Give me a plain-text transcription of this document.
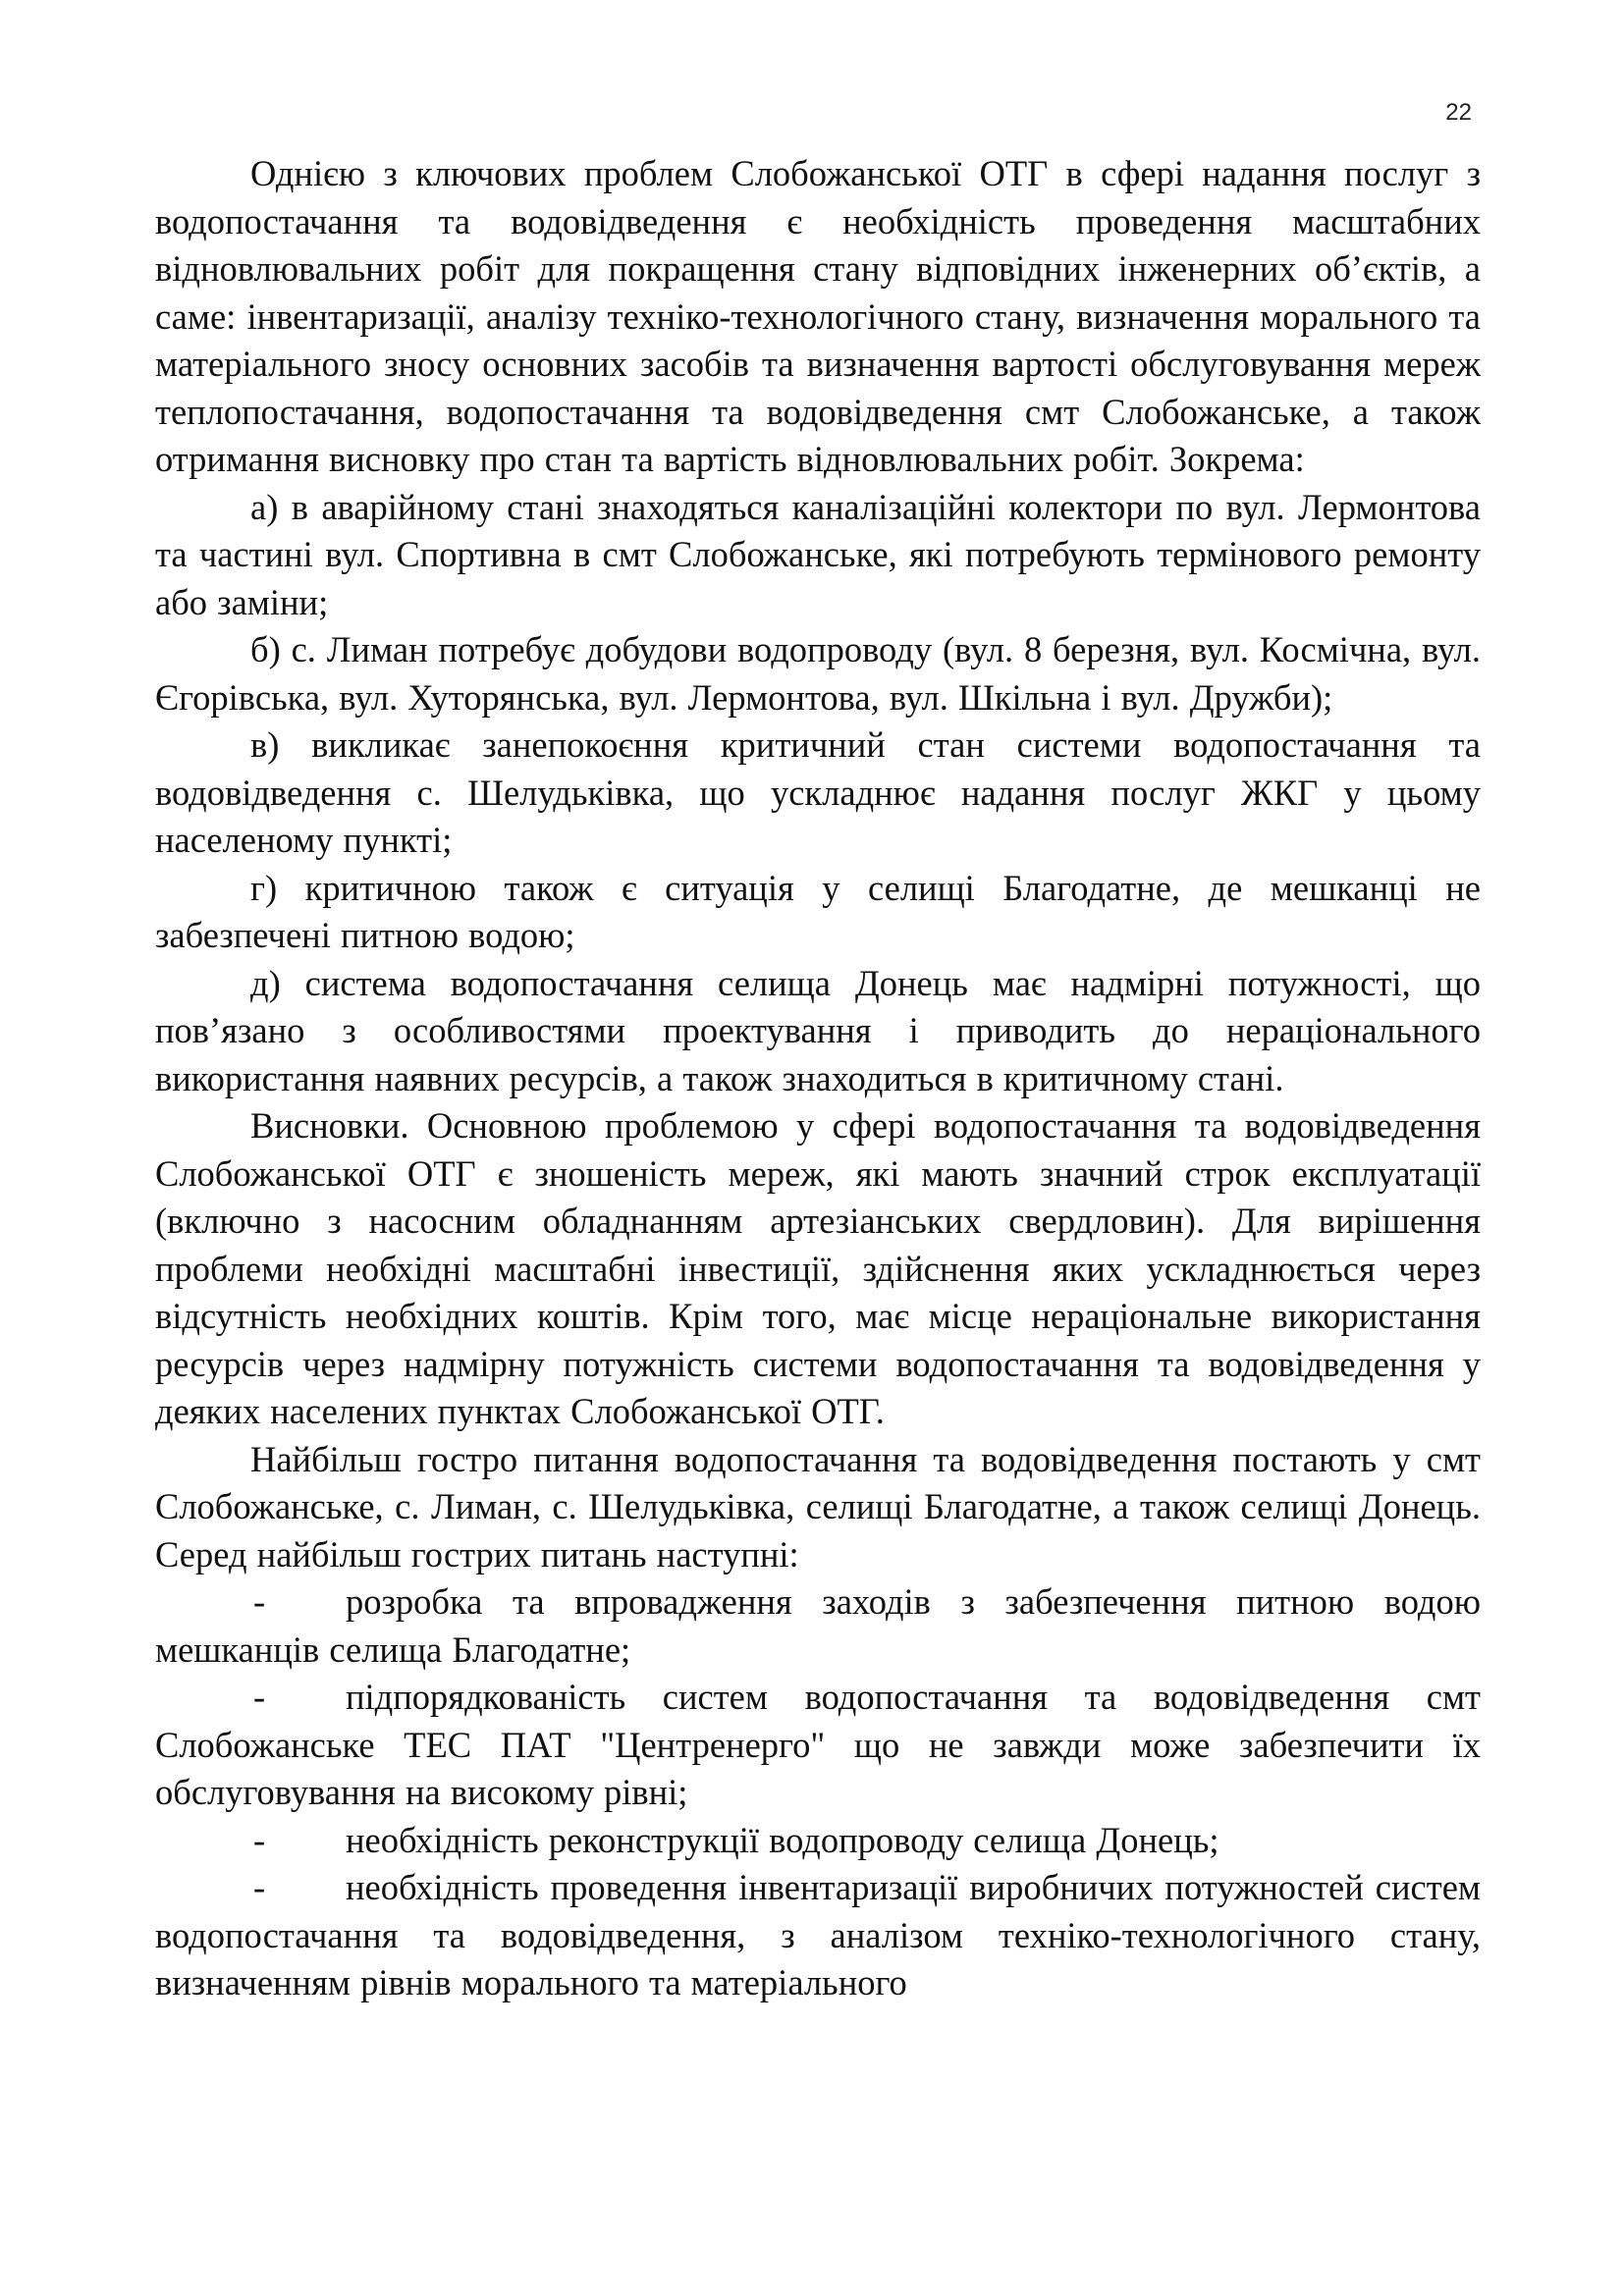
22

Однією з ключових проблем Слобожанської ОТГ в сфері надання послуг з водопостачання та водовідведення є необхідність проведення масштабних відновлювальних робіт для покращення стану відповідних інженерних об’єктів, а саме: інвентаризації, аналізу техніко-технологічного стану, визначення морального та матеріального зносу основних засобів та визначення вартості обслуговування мереж теплопостачання, водопостачання та водовідведення смт Слобожанське, а також отримання висновку про стан та вартість відновлювальних робіт. Зокрема:

а) в аварійному стані знаходяться каналізаційні колектори по вул. Лермонтова та частині вул. Спортивна в смт Слобожанське, які потребують термінового ремонту або заміни;

б) с. Лиман потребує добудови водопроводу (вул. 8 березня, вул. Космічна, вул. Єгорівська, вул. Хуторянська, вул. Лермонтова, вул. Шкільна і вул. Дружби);

в) викликає занепокоєння критичний стан системи водопостачання та водовідведення с. Шелудьківка, що ускладнює надання послуг ЖКГ у цьому населеному пункті;

г) критичною також є ситуація у селищі Благодатне, де мешканці не забезпечені питною водою;

д) система водопостачання селища Донець має надмірні потужності, що пов’язано з особливостями проектування і приводить до нераціонального використання наявних ресурсів, а також знаходиться в критичному стані.

Висновки. Основною проблемою у сфері водопостачання та водовідведення Слобожанської ОТГ є зношеність мереж, які мають значний строк експлуатації (включно з насосним обладнанням артезіанських свердловин). Для вирішення проблеми необхідні масштабні інвестиції, здійснення яких ускладнюється через відсутність необхідних коштів. Крім того, має місце нераціональне використання ресурсів через надмірну потужність системи водопостачання та водовідведення у деяких населених пунктах Слобожанської ОТГ.

Найбільш гостро питання водопостачання та водовідведення постають у смт Слобожанське, с. Лиман, с. Шелудьківка, селищі Благодатне, а також селищі Донець. Серед найбільш гострих питань наступні:

- розробка та впровадження заходів з забезпечення питною водою мешканців селища Благодатне;

- підпорядкованість систем водопостачання та водовідведення смт Слобожанське ТЕС ПАТ "Центренерго" що не завжди може забезпечити їх обслуговування на високому рівні;

- необхідність реконструкції водопроводу селища Донець;

- необхідність проведення інвентаризації виробничих потужностей систем водопостачання та водовідведення, з аналізом техніко-технологічного стану, визначенням рівнів морального та матеріального
